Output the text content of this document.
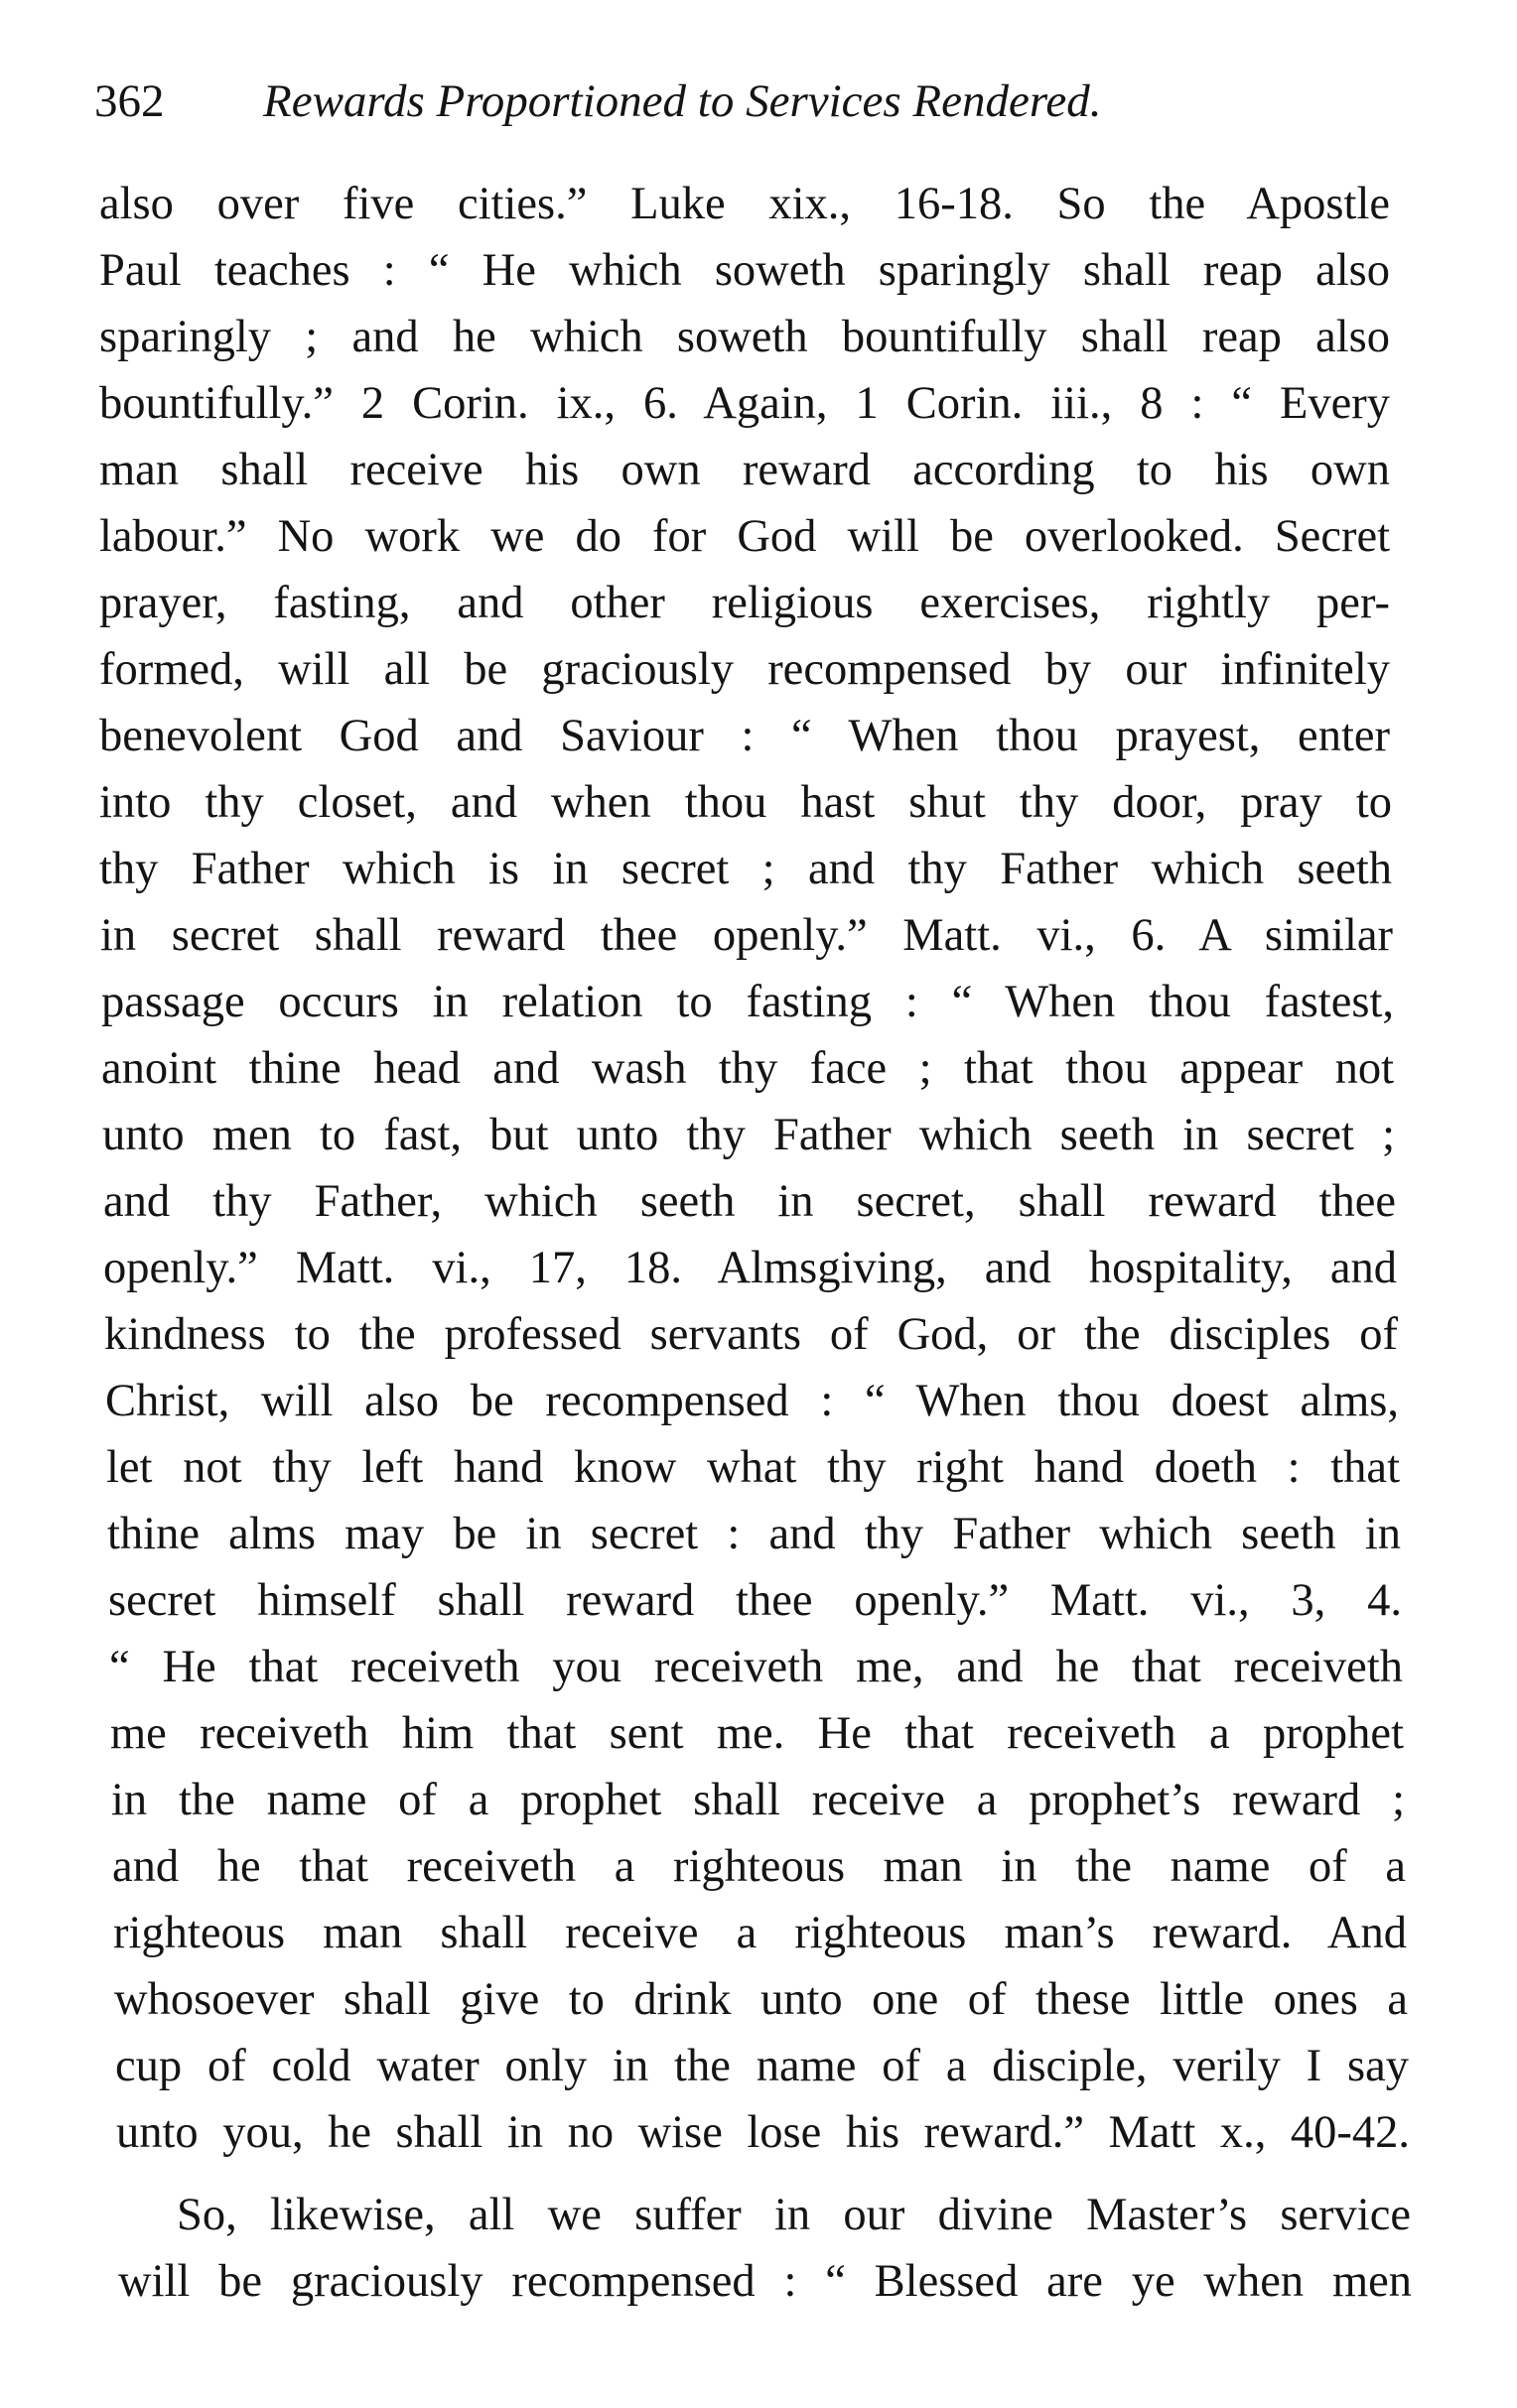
362 Rewards Proportioned to Services Rendered.
also over five cities.” Luke xix., 16-18. So the Apostle
Paul teaches : “ He which soweth sparingly shall reap also
sparingly ; and he which soweth bountifully shall reap also
bountifully.” 2 Corin. ix., 6. Again, 1 Corin. iii., 8 : “ Every
man shall receive his own reward according to his own
labour.” No work we do for God will be overlooked. Secret
prayer, fasting, and other religious exercises, rightly per-
formed, will all be graciously recompensed by our infinitely
benevolent God and Saviour : “ When thou prayest, enter
into thy closet, and when thou hast shut thy door, pray to
thy Father which is in secret ; and thy Father which seeth
in secret shall reward thee openly.” Matt. vi., 6. A similar
passage occurs in relation to fasting : “ When thou fastest,
anoint thine head and wash thy face ; that thou appear not
unto men to fast, but unto thy Father which seeth in secret ;
and thy Father, which seeth in secret, shall reward thee
openly.” Matt. vi., 17, 18. Almsgiving, and hospitality, and
kindness to the professed servants of God, or the disciples of
Christ, will also be recompensed : “ When thou doest alms,
let not thy left hand know what thy right hand doeth : that
thine alms may be in secret : and thy Father which seeth in
secret himself shall reward thee openly.” Matt. vi., 3, 4.
“ He that receiveth you receiveth me, and he that receiveth
me receiveth him that sent me. He that receiveth a prophet
in the name of a prophet shall receive a prophet’s reward ;
and he that receiveth a righteous man in the name of a
righteous man shall receive a righteous man’s reward. And
whosoever shall give to drink unto one of these little ones a
cup of cold water only in the name of a disciple, verily I say
unto you, he shall in no wise lose his reward.” Matt x., 40-42.
So, likewise, all we suffer in our divine Master’s service
will be graciously recompensed : “ Blessed are ye when men
